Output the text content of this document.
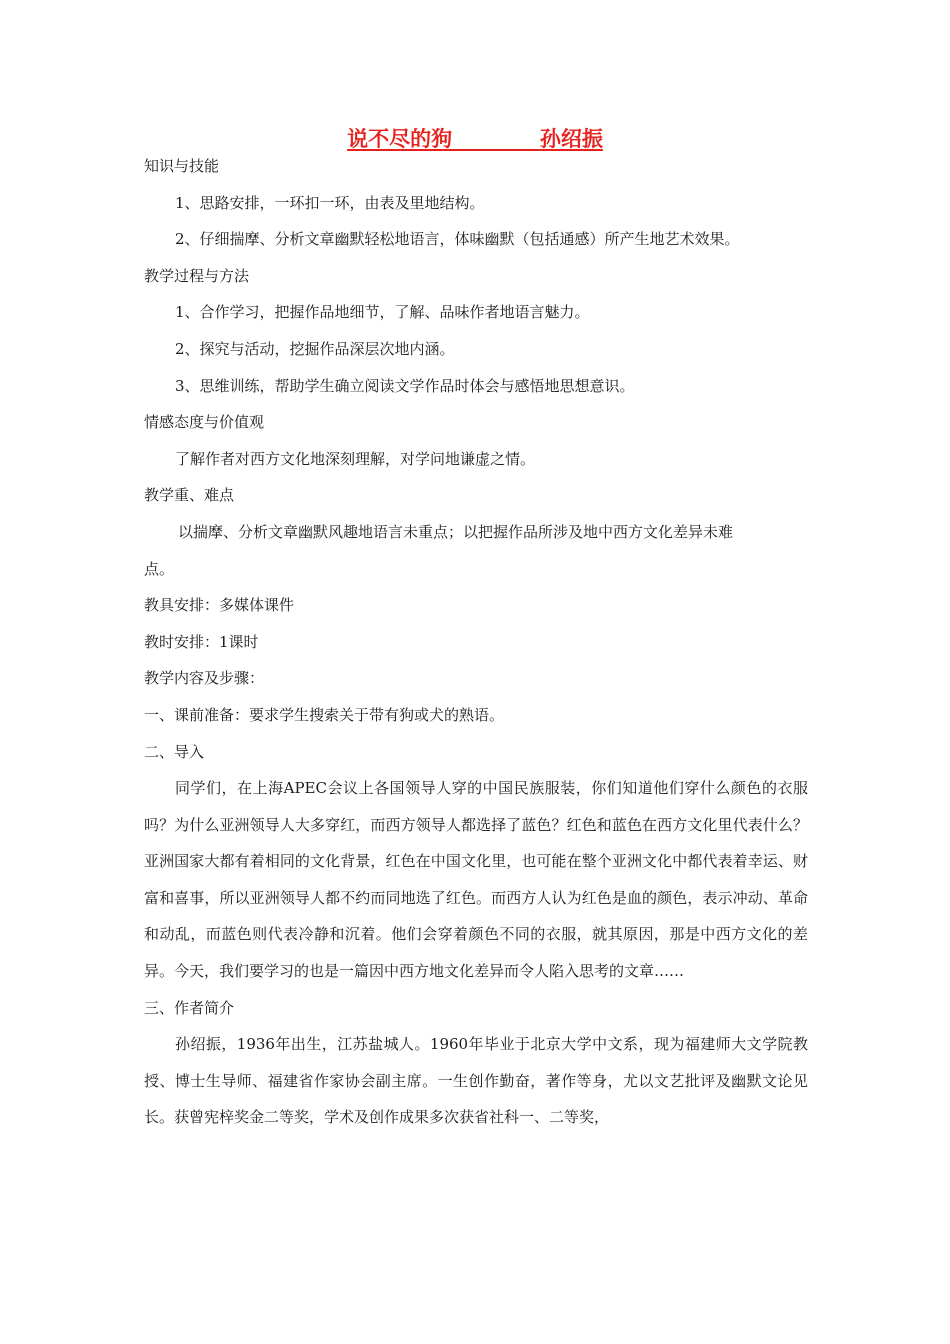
说不尽的狗            孙绍振
知识与技能
1、思路安排，一环扣一环，由表及里地结构。
2、仔细揣摩、分析文章幽默轻松地语言，体味幽默（包括通感）所产生地艺术效果。
教学过程与方法
1、合作学习，把握作品地细节，了解、品味作者地语言魅力。
2、探究与活动，挖掘作品深层次地内涵。
3、思维训练，帮助学生确立阅读文学作品时体会与感悟地思想意识。
情感态度与价值观
了解作者对西方文化地深刻理解，对学问地谦虚之情。
教学重、难点
以揣摩、分析文章幽默风趣地语言未重点；以把握作品所涉及地中西方文化差异未难
点。
教具安排：多媒体课件
教时安排：1课时
教学内容及步骤：
一、课前准备：要求学生搜索关于带有狗或犬的熟语。
二、导入
同学们，在上海APEC会议上各国领导人穿的中国民族服装，你们知道他们穿什么颜色的衣服吗？为什么亚洲领导人大多穿红，而西方领导人都选择了蓝色？红色和蓝色在西方文化里代表什么？亚洲国家大都有着相同的文化背景，红色在中国文化里，也可能在整个亚洲文化中都代表着幸运、财富和喜事，所以亚洲领导人都不约而同地选了红色。而西方人认为红色是血的颜色，表示冲动、革命和动乱，而蓝色则代表冷静和沉着。他们会穿着颜色不同的衣服，就其原因，那是中西方文化的差异。今天，我们要学习的也是一篇因中西方地文化差异而令人陷入思考的文章……
三、作者简介
孙绍振，1936年出生，江苏盐城人。1960年毕业于北京大学中文系，现为福建师大文学院教授、博士生导师、福建省作家协会副主席。一生创作勤奋，著作等身，尤以文艺批评及幽默文论见长。获曾宪梓奖金二等奖，学术及创作成果多次获省社科一、二等奖，
